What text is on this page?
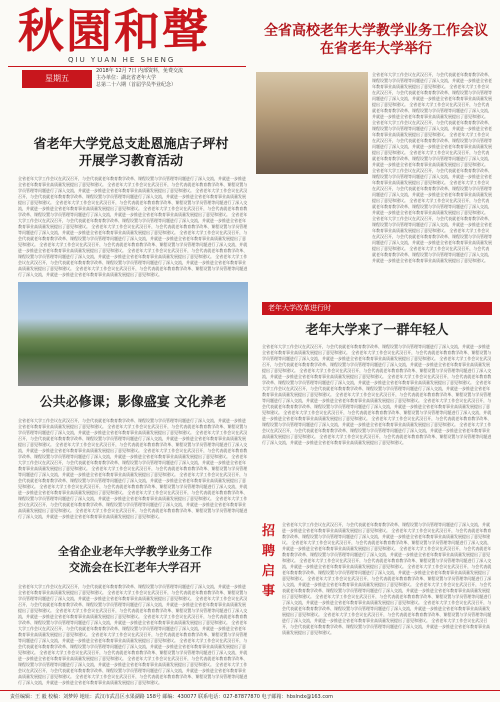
秋園和聲
QIU YUAN HE SHENG
星期五
2018年 12月 7日 内部资料，免费交流
主办单位：湖北省老年大学
总第二十六期（首届学员毕业纪念）
全省高校老年大学教学业务工作会议
在省老年大学举行
全省老年大学工作会议在武汉召开，与会代表就老年教育教学改革、课程设置与学员管理等问题进行了深入交流，并就进一步推进全省老年教育事业高质量发展提出了意见和建议。 全省老年大学工作会议在武汉召开，与会代表就老年教育教学改革、课程设置与学员管理等问题进行了深入交流，并就进一步推进全省老年教育事业高质量发展提出了意见和建议。 全省老年大学工作会议在武汉召开，与会代表就老年教育教学改革、课程设置与学员管理等问题进行了深入交流，并就进一步推进全省老年教育事业高质量发展提出了意见和建议。 全省老年大学工作会议在武汉召开，与会代表就老年教育教学改革、课程设置与学员管理等问题进行了深入交流，并就进一步推进全省老年教育事业高质量发展提出了意见和建议。 全省老年大学工作会议在武汉召开，与会代表就老年教育教学改革、课程设置与学员管理等问题进行了深入交流，并就进一步推进全省老年教育事业高质量发展提出了意见和建议。 全省老年大学工作会议在武汉召开，与会代表就老年教育教学改革、课程设置与学员管理等问题进行了深入交流，并就进一步推进全省老年教育事业高质量发展提出了意见和建议。 全省老年大学工作会议在武汉召开，与会代表就老年教育教学改革、课程设置与学员管理等问题进行了深入交流，并就进一步推进全省老年教育事业高质量发展提出了意见和建议。 全省老年大学工作会议在武汉召开，与会代表就老年教育教学改革、课程设置与学员管理等问题进行了深入交流，并就进一步推进全省老年教育事业高质量发展提出了意见和建议。 全省老年大学工作会议在武汉召开，与会代表就老年教育教学改革、课程设置与学员管理等问题进行了深入交流，并就进一步推进全省老年教育事业高质量发展提出了意见和建议。 全省老年大学工作会议在武汉召开，与会代表就老年教育教学改革、课程设置与学员管理等问题进行了深入交流，并就进一步推进全省老年教育事业高质量发展提出了意见和建议。 全省老年大学工作会议在武汉召开，与会代表就老年教育教学改革、课程设置与学员管理等问题进行了深入交流，并就进一步推进全省老年教育事业高质量发展提出了意见和建议。 全省老年大学工作会议在武汉召开，与会代表就老年教育教学改革、课程设置与学员管理等问题进行了深入交流，并就进一步推进全省老年教育事业高质量发展提出了意见和建议。
省老年大学党总支赴恩施店子坪村
开展学习教育活动
全省老年大学工作会议在武汉召开，与会代表就老年教育教学改革、课程设置与学员管理等问题进行了深入交流，并就进一步推进全省老年教育事业高质量发展提出了意见和建议。 全省老年大学工作会议在武汉召开，与会代表就老年教育教学改革、课程设置与学员管理等问题进行了深入交流，并就进一步推进全省老年教育事业高质量发展提出了意见和建议。 全省老年大学工作会议在武汉召开，与会代表就老年教育教学改革、课程设置与学员管理等问题进行了深入交流，并就进一步推进全省老年教育事业高质量发展提出了意见和建议。 全省老年大学工作会议在武汉召开，与会代表就老年教育教学改革、课程设置与学员管理等问题进行了深入交流，并就进一步推进全省老年教育事业高质量发展提出了意见和建议。 全省老年大学工作会议在武汉召开，与会代表就老年教育教学改革、课程设置与学员管理等问题进行了深入交流，并就进一步推进全省老年教育事业高质量发展提出了意见和建议。 全省老年大学工作会议在武汉召开，与会代表就老年教育教学改革、课程设置与学员管理等问题进行了深入交流，并就进一步推进全省老年教育事业高质量发展提出了意见和建议。 全省老年大学工作会议在武汉召开，与会代表就老年教育教学改革、课程设置与学员管理等问题进行了深入交流，并就进一步推进全省老年教育事业高质量发展提出了意见和建议。 全省老年大学工作会议在武汉召开，与会代表就老年教育教学改革、课程设置与学员管理等问题进行了深入交流，并就进一步推进全省老年教育事业高质量发展提出了意见和建议。 全省老年大学工作会议在武汉召开，与会代表就老年教育教学改革、课程设置与学员管理等问题进行了深入交流，并就进一步推进全省老年教育事业高质量发展提出了意见和建议。 全省老年大学工作会议在武汉召开，与会代表就老年教育教学改革、课程设置与学员管理等问题进行了深入交流，并就进一步推进全省老年教育事业高质量发展提出了意见和建议。 全省老年大学工作会议在武汉召开，与会代表就老年教育教学改革、课程设置与学员管理等问题进行了深入交流，并就进一步推进全省老年教育事业高质量发展提出了意见和建议。 全省老年大学工作会议在武汉召开，与会代表就老年教育教学改革、课程设置与学员管理等问题进行了深入交流，并就进一步推进全省老年教育事业高质量发展提出了意见和建议。
公共必修课；影像盛宴 文化养老
全省老年大学工作会议在武汉召开，与会代表就老年教育教学改革、课程设置与学员管理等问题进行了深入交流，并就进一步推进全省老年教育事业高质量发展提出了意见和建议。 全省老年大学工作会议在武汉召开，与会代表就老年教育教学改革、课程设置与学员管理等问题进行了深入交流，并就进一步推进全省老年教育事业高质量发展提出了意见和建议。 全省老年大学工作会议在武汉召开，与会代表就老年教育教学改革、课程设置与学员管理等问题进行了深入交流，并就进一步推进全省老年教育事业高质量发展提出了意见和建议。 全省老年大学工作会议在武汉召开，与会代表就老年教育教学改革、课程设置与学员管理等问题进行了深入交流，并就进一步推进全省老年教育事业高质量发展提出了意见和建议。 全省老年大学工作会议在武汉召开，与会代表就老年教育教学改革、课程设置与学员管理等问题进行了深入交流，并就进一步推进全省老年教育事业高质量发展提出了意见和建议。 全省老年大学工作会议在武汉召开，与会代表就老年教育教学改革、课程设置与学员管理等问题进行了深入交流，并就进一步推进全省老年教育事业高质量发展提出了意见和建议。 全省老年大学工作会议在武汉召开，与会代表就老年教育教学改革、课程设置与学员管理等问题进行了深入交流，并就进一步推进全省老年教育事业高质量发展提出了意见和建议。 全省老年大学工作会议在武汉召开，与会代表就老年教育教学改革、课程设置与学员管理等问题进行了深入交流，并就进一步推进全省老年教育事业高质量发展提出了意见和建议。 全省老年大学工作会议在武汉召开，与会代表就老年教育教学改革、课程设置与学员管理等问题进行了深入交流，并就进一步推进全省老年教育事业高质量发展提出了意见和建议。 全省老年大学工作会议在武汉召开，与会代表就老年教育教学改革、课程设置与学员管理等问题进行了深入交流，并就进一步推进全省老年教育事业高质量发展提出了意见和建议。 全省老年大学工作会议在武汉召开，与会代表就老年教育教学改革、课程设置与学员管理等问题进行了深入交流，并就进一步推进全省老年教育事业高质量发展提出了意见和建议。 全省老年大学工作会议在武汉召开，与会代表就老年教育教学改革、课程设置与学员管理等问题进行了深入交流，并就进一步推进全省老年教育事业高质量发展提出了意见和建议。
全省企业老年大学教学业务工作
交流会在长江老年大学召开
全省老年大学工作会议在武汉召开，与会代表就老年教育教学改革、课程设置与学员管理等问题进行了深入交流，并就进一步推进全省老年教育事业高质量发展提出了意见和建议。 全省老年大学工作会议在武汉召开，与会代表就老年教育教学改革、课程设置与学员管理等问题进行了深入交流，并就进一步推进全省老年教育事业高质量发展提出了意见和建议。 全省老年大学工作会议在武汉召开，与会代表就老年教育教学改革、课程设置与学员管理等问题进行了深入交流，并就进一步推进全省老年教育事业高质量发展提出了意见和建议。 全省老年大学工作会议在武汉召开，与会代表就老年教育教学改革、课程设置与学员管理等问题进行了深入交流，并就进一步推进全省老年教育事业高质量发展提出了意见和建议。 全省老年大学工作会议在武汉召开，与会代表就老年教育教学改革、课程设置与学员管理等问题进行了深入交流，并就进一步推进全省老年教育事业高质量发展提出了意见和建议。 全省老年大学工作会议在武汉召开，与会代表就老年教育教学改革、课程设置与学员管理等问题进行了深入交流，并就进一步推进全省老年教育事业高质量发展提出了意见和建议。 全省老年大学工作会议在武汉召开，与会代表就老年教育教学改革、课程设置与学员管理等问题进行了深入交流，并就进一步推进全省老年教育事业高质量发展提出了意见和建议。 全省老年大学工作会议在武汉召开，与会代表就老年教育教学改革、课程设置与学员管理等问题进行了深入交流，并就进一步推进全省老年教育事业高质量发展提出了意见和建议。 全省老年大学工作会议在武汉召开，与会代表就老年教育教学改革、课程设置与学员管理等问题进行了深入交流，并就进一步推进全省老年教育事业高质量发展提出了意见和建议。 全省老年大学工作会议在武汉召开，与会代表就老年教育教学改革、课程设置与学员管理等问题进行了深入交流，并就进一步推进全省老年教育事业高质量发展提出了意见和建议。 全省老年大学工作会议在武汉召开，与会代表就老年教育教学改革、课程设置与学员管理等问题进行了深入交流，并就进一步推进全省老年教育事业高质量发展提出了意见和建议。 全省老年大学工作会议在武汉召开，与会代表就老年教育教学改革、课程设置与学员管理等问题进行了深入交流，并就进一步推进全省老年教育事业高质量发展提出了意见和建议。
老年大学改革进行时
老年大学来了一群年轻人
全省老年大学工作会议在武汉召开，与会代表就老年教育教学改革、课程设置与学员管理等问题进行了深入交流，并就进一步推进全省老年教育事业高质量发展提出了意见和建议。 全省老年大学工作会议在武汉召开，与会代表就老年教育教学改革、课程设置与学员管理等问题进行了深入交流，并就进一步推进全省老年教育事业高质量发展提出了意见和建议。 全省老年大学工作会议在武汉召开，与会代表就老年教育教学改革、课程设置与学员管理等问题进行了深入交流，并就进一步推进全省老年教育事业高质量发展提出了意见和建议。 全省老年大学工作会议在武汉召开，与会代表就老年教育教学改革、课程设置与学员管理等问题进行了深入交流，并就进一步推进全省老年教育事业高质量发展提出了意见和建议。 全省老年大学工作会议在武汉召开，与会代表就老年教育教学改革、课程设置与学员管理等问题进行了深入交流，并就进一步推进全省老年教育事业高质量发展提出了意见和建议。 全省老年大学工作会议在武汉召开，与会代表就老年教育教学改革、课程设置与学员管理等问题进行了深入交流，并就进一步推进全省老年教育事业高质量发展提出了意见和建议。 全省老年大学工作会议在武汉召开，与会代表就老年教育教学改革、课程设置与学员管理等问题进行了深入交流，并就进一步推进全省老年教育事业高质量发展提出了意见和建议。 全省老年大学工作会议在武汉召开，与会代表就老年教育教学改革、课程设置与学员管理等问题进行了深入交流，并就进一步推进全省老年教育事业高质量发展提出了意见和建议。 全省老年大学工作会议在武汉召开，与会代表就老年教育教学改革、课程设置与学员管理等问题进行了深入交流，并就进一步推进全省老年教育事业高质量发展提出了意见和建议。 全省老年大学工作会议在武汉召开，与会代表就老年教育教学改革、课程设置与学员管理等问题进行了深入交流，并就进一步推进全省老年教育事业高质量发展提出了意见和建议。 全省老年大学工作会议在武汉召开，与会代表就老年教育教学改革、课程设置与学员管理等问题进行了深入交流，并就进一步推进全省老年教育事业高质量发展提出了意见和建议。 全省老年大学工作会议在武汉召开，与会代表就老年教育教学改革、课程设置与学员管理等问题进行了深入交流，并就进一步推进全省老年教育事业高质量发展提出了意见和建议。
招聘启事
全省老年大学工作会议在武汉召开，与会代表就老年教育教学改革、课程设置与学员管理等问题进行了深入交流，并就进一步推进全省老年教育事业高质量发展提出了意见和建议。 全省老年大学工作会议在武汉召开，与会代表就老年教育教学改革、课程设置与学员管理等问题进行了深入交流，并就进一步推进全省老年教育事业高质量发展提出了意见和建议。 全省老年大学工作会议在武汉召开，与会代表就老年教育教学改革、课程设置与学员管理等问题进行了深入交流，并就进一步推进全省老年教育事业高质量发展提出了意见和建议。 全省老年大学工作会议在武汉召开，与会代表就老年教育教学改革、课程设置与学员管理等问题进行了深入交流，并就进一步推进全省老年教育事业高质量发展提出了意见和建议。 全省老年大学工作会议在武汉召开，与会代表就老年教育教学改革、课程设置与学员管理等问题进行了深入交流，并就进一步推进全省老年教育事业高质量发展提出了意见和建议。 全省老年大学工作会议在武汉召开，与会代表就老年教育教学改革、课程设置与学员管理等问题进行了深入交流，并就进一步推进全省老年教育事业高质量发展提出了意见和建议。 全省老年大学工作会议在武汉召开，与会代表就老年教育教学改革、课程设置与学员管理等问题进行了深入交流，并就进一步推进全省老年教育事业高质量发展提出了意见和建议。 全省老年大学工作会议在武汉召开，与会代表就老年教育教学改革、课程设置与学员管理等问题进行了深入交流，并就进一步推进全省老年教育事业高质量发展提出了意见和建议。 全省老年大学工作会议在武汉召开，与会代表就老年教育教学改革、课程设置与学员管理等问题进行了深入交流，并就进一步推进全省老年教育事业高质量发展提出了意见和建议。 全省老年大学工作会议在武汉召开，与会代表就老年教育教学改革、课程设置与学员管理等问题进行了深入交流，并就进一步推进全省老年教育事业高质量发展提出了意见和建议。 全省老年大学工作会议在武汉召开，与会代表就老年教育教学改革、课程设置与学员管理等问题进行了深入交流，并就进一步推进全省老年教育事业高质量发展提出了意见和建议。 全省老年大学工作会议在武汉召开，与会代表就老年教育教学改革、课程设置与学员管理等问题进行了深入交流，并就进一步推进全省老年教育事业高质量发展提出了意见和建议。
责任编辑：王 毅 校稿：刘梦婷 地址：武汉市武昌区水果湖路 158号 邮编：430077 联系电话：027-87877870 电子邮箱：hbslndx@163.com
